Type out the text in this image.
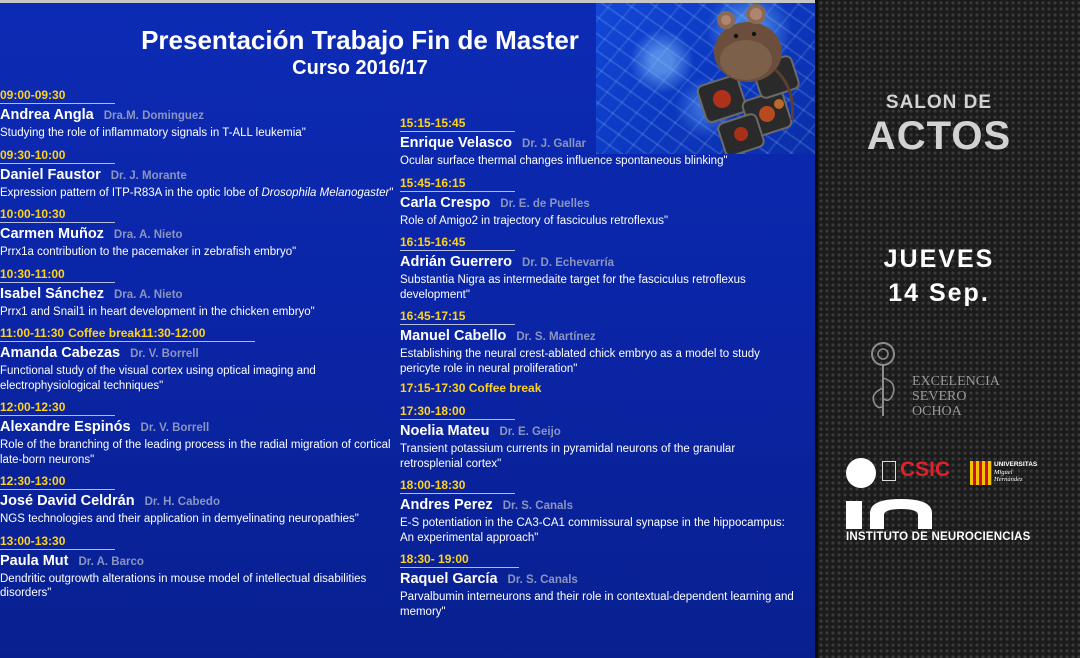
Presentación Trabajo Fin de Master
Curso 2016/17
09:00-09:30
Andrea Angla Dra.M. Dominguez
Studying the role of inflammatory signals in T-ALL leukemia"
09:30-10:00
Daniel Faustor Dr. J. Morante
Expression pattern of ITP-R83A in the optic lobe of Drosophila Melanogaster"
10:00-10:30
Carmen Muñoz Dra. A. Nieto
Prrx1a contribution to the pacemaker in zebrafish embryo"
10:30-11:00
Isabel Sánchez Dra. A. Nieto
Prrx1 and Snail1 in heart development in the chicken embryo"
11:00-11:30 Coffee break11:30-12:00
Amanda Cabezas Dr. V. Borrell
Functional study of the visual cortex using optical imaging and electrophysiological techniques"
12:00-12:30
Alexandre Espinós Dr. V. Borrell
Role of the branching of the leading process in the radial migration of cortical late-born neurons"
12:30-13:00
José David Celdrán Dr. H. Cabedo
NGS technologies and their application in demyelinating neuropathies"
13:00-13:30
Paula Mut Dr. A. Barco
Dendritic outgrowth alterations in mouse model of intellectual disabilities disorders"
15:15-15:45
Enrique Velasco Dr. J. Gallar
Ocular surface thermal changes influence spontaneous blinking"
15:45-16:15
Carla Crespo Dr. E. de Puelles
Role of Amigo2 in trajectory of fasciculus retroflexus"
16:15-16:45
Adrián Guerrero Dr. D. Echevarría
Substantia Nigra as intermedaite target for the fasciculus retroflexus development"
16:45-17:15
Manuel Cabello Dr. S. Martínez
Establishing the neural crest-ablated chick embryo as a model to study pericyte role in neural proliferation"
17:15-17:30 Coffee break
17:30-18:00
Noelia Mateu Dr. E. Geijo
Transient potassium currents in pyramidal neurons of the granular retrosplenial cortex"
18:00-18:30
Andres Perez Dr. S. Canals
E-S potentiation in the CA3-CA1 commissural synapse in the hippocampus: An experimental approach"
18:30- 19:00
Raquel García Dr. S. Canals
Parvalbumin interneurons and their role in contextual-dependent learning and memory"
SALON DE
ACTOS
JUEVES
14 Sep.
EXCELENCIA
SEVERO
OCHOA
CSIC	UNIVERSITAS
Miguel
Hernández
INSTITUTO DE NEUROCIENCIAS
